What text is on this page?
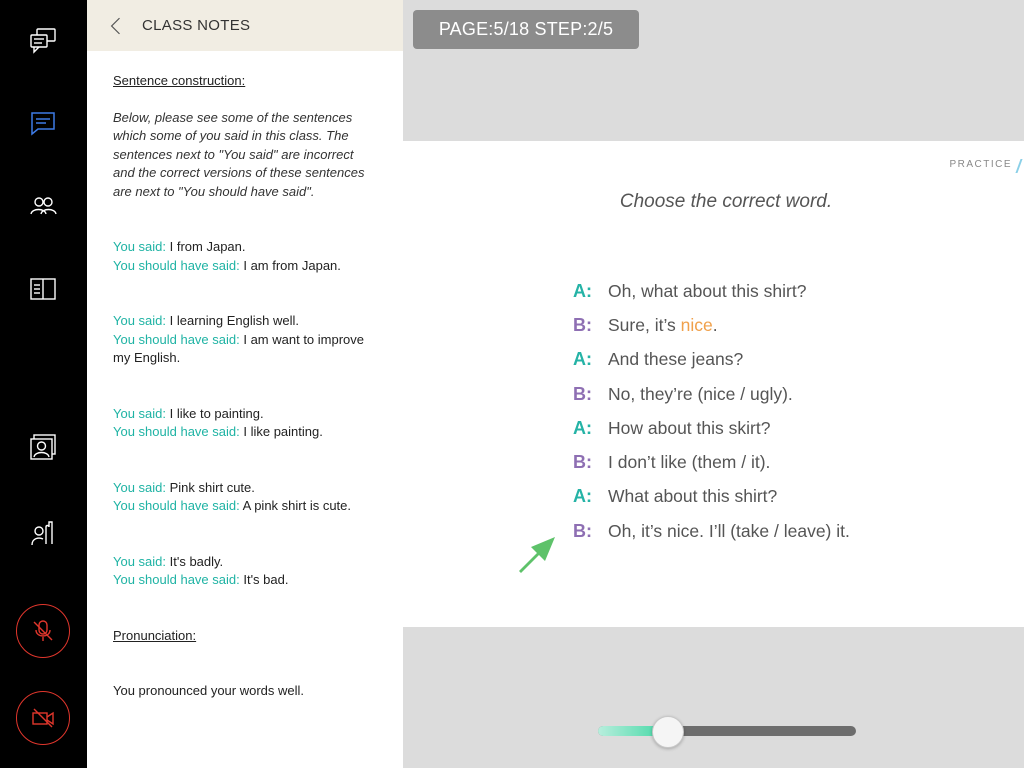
CLASS NOTES
Sentence construction:
Below, please see some of the sentences which some of you said in this class. The sentences next to "You said" are incorrect and the correct versions of these sentences are next to "You should have said".
You said: I from Japan.
You should have said: I am from Japan.
You said: I learning English well.
You should have said: I am want to improve my English.
You said: I like to painting.
You should have said: I like painting.
You said: Pink shirt cute.
You should have said: A pink shirt is cute.
You said: It's badly.
You should have said: It's bad.
Pronunciation:
You pronounced your words well.
PAGE:5/18 STEP:2/5
PRACTICE
Choose the correct word.
A: Oh, what about this shirt?
B: Sure, it’s nice .
A: And these jeans?
B: No, they’re (nice / ugly).
A: How about this skirt?
B: I don’t like (them / it).
A: What about this shirt?
B: Oh, it’s nice. I’ll (take / leave) it.
